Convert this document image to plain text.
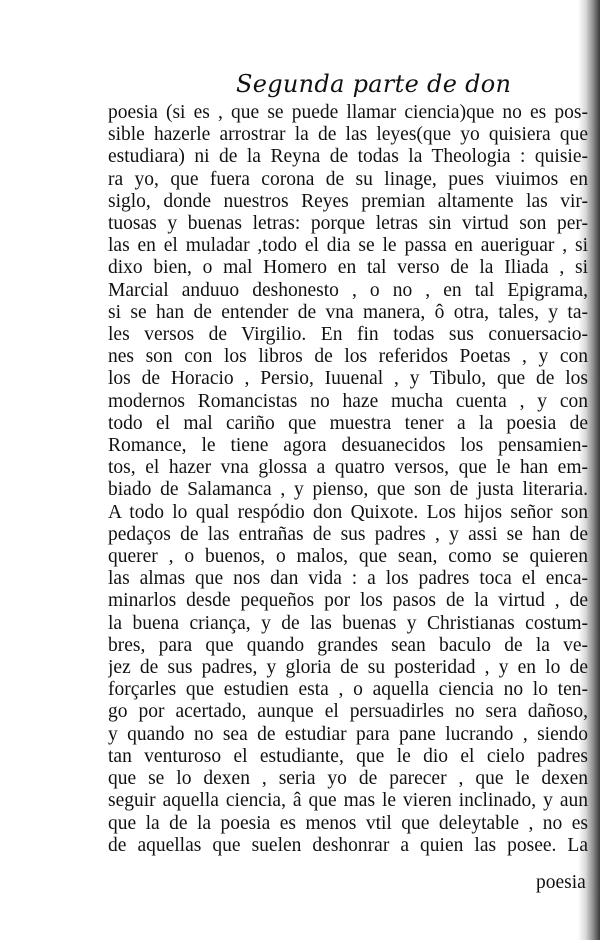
Segunda parte de don
poesia (si es , que se puede llamar ciencia)que no es pos-
sible hazerle arrostrar la de las leyes(que yo quisiera que
estudiara) ni de la Reyna de todas la Theologia : quisie-
ra yo, que fuera corona de su linage, pues viuimos en
siglo, donde nuestros Reyes premian altamente las vir-
tuosas y buenas letras: porque letras sin virtud son per-
las en el muladar ,todo el dia se le passa en aueriguar , si
dixo bien, o mal Homero en tal verso de la Iliada , si
Marcial anduuo deshonesto , o no , en tal Epigrama,
si se han de entender de vna manera, ô otra, tales, y ta-
les versos de Virgilio. En fin todas sus conuersacio-
nes son con los libros de los referidos Poetas , y con
los de Horacio , Persio, Iuuenal , y Tibulo, que de los
modernos Romancistas no haze mucha cuenta , y con
todo el mal cariño que muestra tener a la poesia de
Romance, le tiene agora desuanecidos los pensamien-
tos, el hazer vna glossa a quatro versos, que le han em-
biado de Salamanca , y pienso, que son de justa literaria.
A todo lo qual respódio don Quixote. Los hijos señor son
pedaços de las entrañas de sus padres , y assi se han de
querer , o buenos, o malos, que sean, como se quieren
las almas que nos dan vida : a los padres toca el enca-
minarlos desde pequeños por los pasos de la virtud , de
la buena criança, y de las buenas y Christianas costum-
bres, para que quando grandes sean baculo de la ve-
jez de sus padres, y gloria de su posteridad , y en lo de
forçarles que estudien esta , o aquella ciencia no lo ten-
go por acertado, aunque el persuadirles no sera dañoso,
y quando no sea de estudiar para pane lucrando , siendo
tan venturoso el estudiante, que le dio el cielo padres
que se lo dexen , seria yo de parecer , que le dexen
seguir aquella ciencia, â que mas le vieren inclinado, y aun
que la de la poesia es menos vtil que deleytable , no es
de aquellas que suelen deshonrar a quien las posee. La
poesia
